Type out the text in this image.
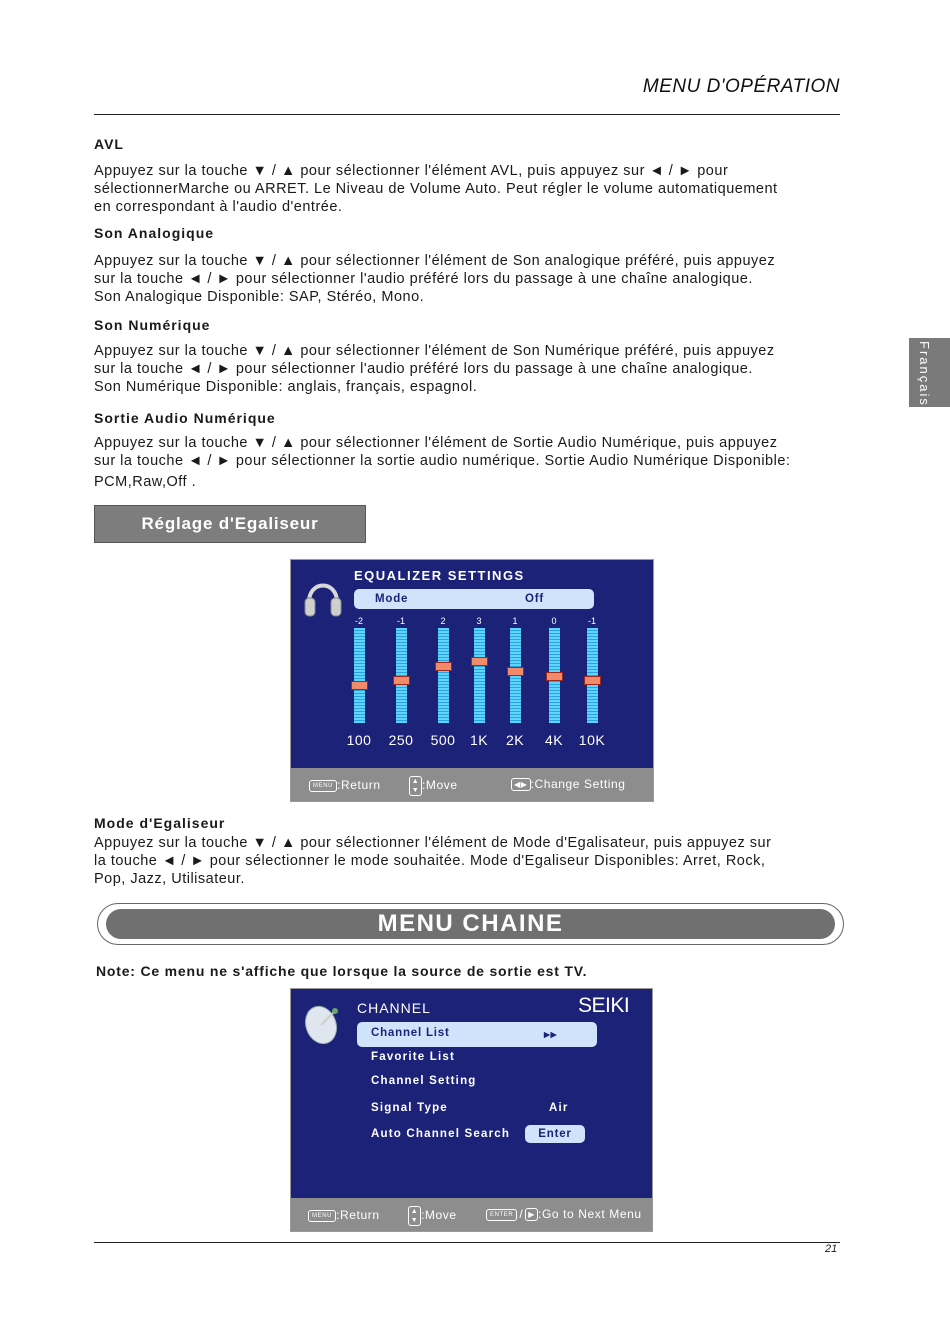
MENU D'OPÉRATION
Français
AVL

Appuyez sur la touche ▼ / ▲ pour sélectionner l'élément AVL, puis appuyez sur ◄ / ► pour

sélectionnerMarche ou ARRET. Le Niveau de Volume Auto. Peut régler le volume automatiquement

en correspondant à l'audio d'entrée.

Son Analogique

Appuyez sur la touche ▼ / ▲ pour sélectionner l'élément de Son analogique préféré, puis appuyez

sur la touche ◄ / ► pour sélectionner l'audio préféré lors du passage à une chaîne analogique.

Son Analogique Disponible: SAP, Stéréo, Mono.

Son Numérique

Appuyez sur la touche ▼ / ▲ pour sélectionner l'élément de Son Numérique préféré, puis appuyez

sur la touche ◄ / ► pour sélectionner l'audio préféré lors du passage à une chaîne analogique.

Son Numérique Disponible: anglais, français, espagnol.

Sortie Audio Numérique

Appuyez sur la touche ▼ / ▲ pour sélectionner l'élément de Sortie Audio Numérique, puis appuyez

sur la touche ◄ / ► pour sélectionner la sortie audio numérique. Sortie Audio Numérique Disponible:

PCM,Raw,Off .

Réglage d'Egaliseur
EQUALIZER SETTINGS
Mode	Off
-2
100
-1
250
2
500
3
1K
1
2K
0
4K
-1
10K
MENU :Return	▲
▼ :Move	◀▶ :Change Setting
Mode d'Egaliseur

Appuyez sur la touche ▼ / ▲ pour sélectionner l'élément de Mode d'Egalisateur, puis appuyez sur

la touche ◄ / ► pour sélectionner le mode souhaitée. Mode d'Egaliseur Disponibles: Arret, Rock,

Pop, Jazz, Utilisateur.

MENU CHAINE
Note: Ce menu ne s'affiche que lorsque la source de sortie est TV.
CHANNEL	SEIKI
Channel List	▸▸
Favorite List
Channel Setting
Signal Type	Air
Auto Channel Search	Enter
MENU :Return	▲
▼ :Move	ENTER / ▶ :Go to Next Menu
21
